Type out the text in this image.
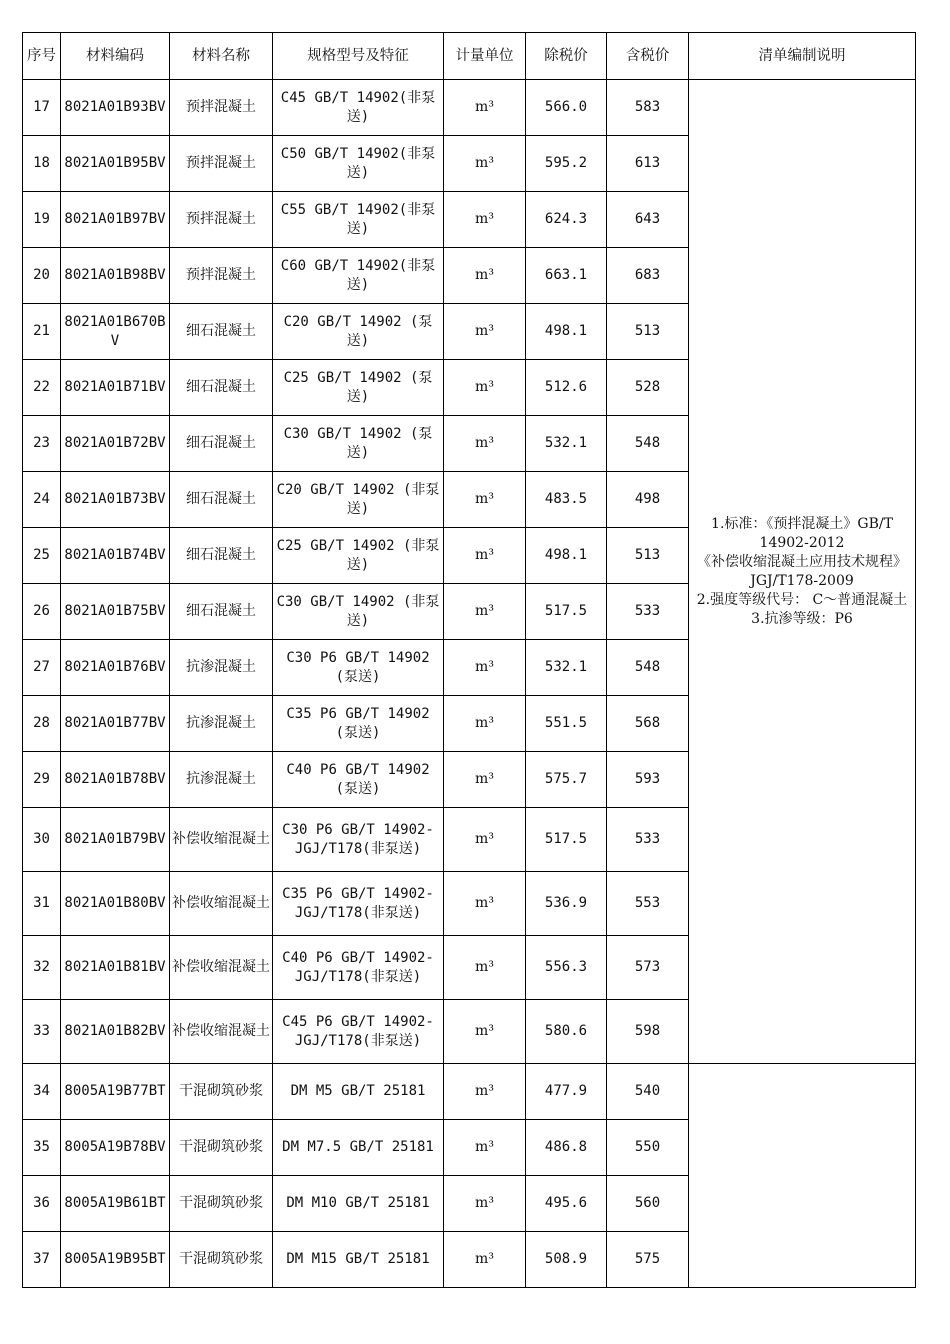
序号	材料编码	材料名称	规格型号及特征	计量单位	除税价	含税价	清单编制说明
17	8021A01B93BV	预拌混凝土	C45 GB/T 14902(非泵送)	m³	566.0	583	1.标准：《预拌混凝土》GB/T 14902-2012
《补偿收缩混凝土应用技术规程》JGJ/T178-2009
2.强度等级代号： C～普通混凝土
3.抗渗等级：P6
18	8021A01B95BV	预拌混凝土	C50 GB/T 14902(非泵送)	m³	595.2	613	
19	8021A01B97BV	预拌混凝土	C55 GB/T 14902(非泵送)	m³	624.3	643	
20	8021A01B98BV	预拌混凝土	C60 GB/T 14902(非泵送)	m³	663.1	683	
21	8021A01B670BV	细石混凝土	C20 GB/T 14902 (泵送)	m³	498.1	513	
22	8021A01B71BV	细石混凝土	C25 GB/T 14902 (泵送)	m³	512.6	528	
23	8021A01B72BV	细石混凝土	C30 GB/T 14902 (泵送)	m³	532.1	548	
24	8021A01B73BV	细石混凝土	C20 GB/T 14902 (非泵送)	m³	483.5	498	
25	8021A01B74BV	细石混凝土	C25 GB/T 14902 (非泵送)	m³	498.1	513	
26	8021A01B75BV	细石混凝土	C30 GB/T 14902 (非泵送)	m³	517.5	533	
27	8021A01B76BV	抗渗混凝土	C30 P6 GB/T 14902 (泵送)	m³	532.1	548	
28	8021A01B77BV	抗渗混凝土	C35 P6 GB/T 14902 (泵送)	m³	551.5	568	
29	8021A01B78BV	抗渗混凝土	C40 P6 GB/T 14902 (泵送)	m³	575.7	593	
30	8021A01B79BV	补偿收缩混凝土	C30 P6 GB/T 14902-JGJ/T178(非泵送)	m³	517.5	533	
31	8021A01B80BV	补偿收缩混凝土	C35 P6 GB/T 14902-JGJ/T178(非泵送)	m³	536.9	553	
32	8021A01B81BV	补偿收缩混凝土	C40 P6 GB/T 14902-JGJ/T178(非泵送)	m³	556.3	573	
33	8021A01B82BV	补偿收缩混凝土	C45 P6 GB/T 14902-JGJ/T178(非泵送)	m³	580.6	598	
34	8005A19B77BT	干混砌筑砂浆	DM M5 GB/T 25181	m³	477.9	540	
35	8005A19B78BV	干混砌筑砂浆	DM M7.5 GB/T 25181	m³	486.8	550	
36	8005A19B61BT	干混砌筑砂浆	DM M10 GB/T 25181	m³	495.6	560	
37	8005A19B95BT	干混砌筑砂浆	DM M15 GB/T 25181	m³	508.9	575	
